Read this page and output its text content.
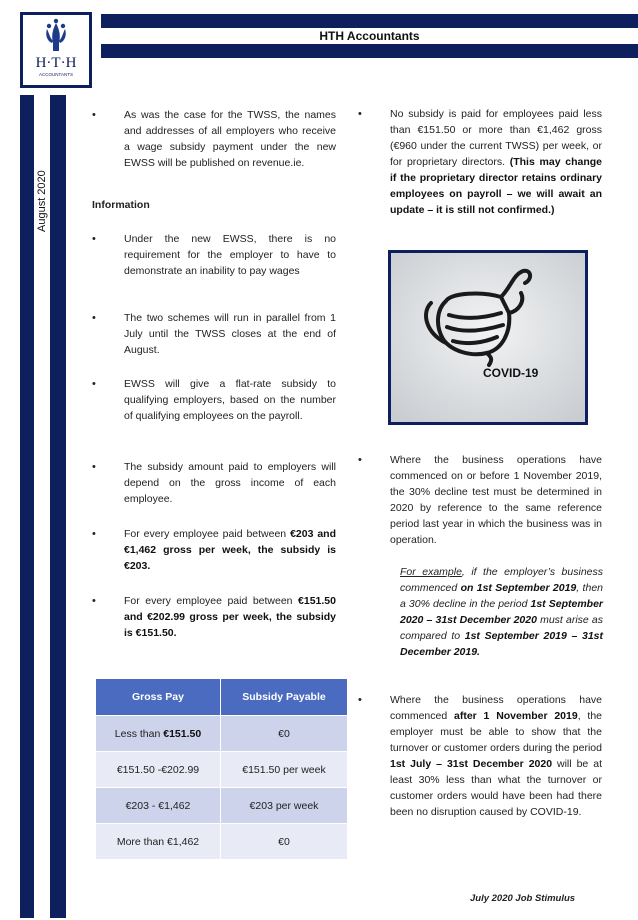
H·T·H
ACCOUNTANTS
HTH Accountants
August 2020
•	As was the case for the TWSS, the names and addresses of all employers who receive a wage subsidy payment under the new EWSS will be published on revenue.ie.
Information
•	Under the new EWSS, there is no requirement for the employer to have to demonstrate an inability to pay wages
•	The two schemes will run in parallel from 1 July until the TWSS closes at the end of August.
•	EWSS will give a flat-rate subsidy to qualifying employers, based on the number of qualifying employees on the payroll.
•	The subsidy amount paid to employers will depend on the gross income of each employee.
•	For every employee paid between €203 and €1,462 gross per week, the subsidy is €203.
•	For every employee paid between €151.50 and €202.99 gross per week, the subsidy is €151.50.
Gross Pay	Subsidy Payable
Less than €151.50	€0
€151.50 -€202.99	€151.50 per week
€203 - €1,462	€203 per week
More than €1,462	€0
•	No subsidy is paid for employees paid less than €151.50 or more than €1,462 gross (€960 under the current TWSS) per week, or for proprietary directors. (This may change if the proprietary director retains ordinary employees on payroll – we will await an update – it is still not confirmed.)
COVID-19
•	Where the business operations have commenced on or before 1 November 2019, the 30% decline test must be determined in 2020 by reference to the same reference period last year in which the business was in operation.
For example, if the employer’s business commenced on 1st September 2019, then a 30% decline in the period 1st September 2020 – 31st December 2020 must arise as compared to 1st September 2019 – 31st December 2019.
•	Where the business operations have commenced after 1 November 2019, the employer must be able to show that the turnover or customer orders during the period 1st July – 31st December 2020 will be at least 30% less than what the turnover or customer orders would have been had there been no disruption caused by COVID-19.
July 2020 Job Stimulus
